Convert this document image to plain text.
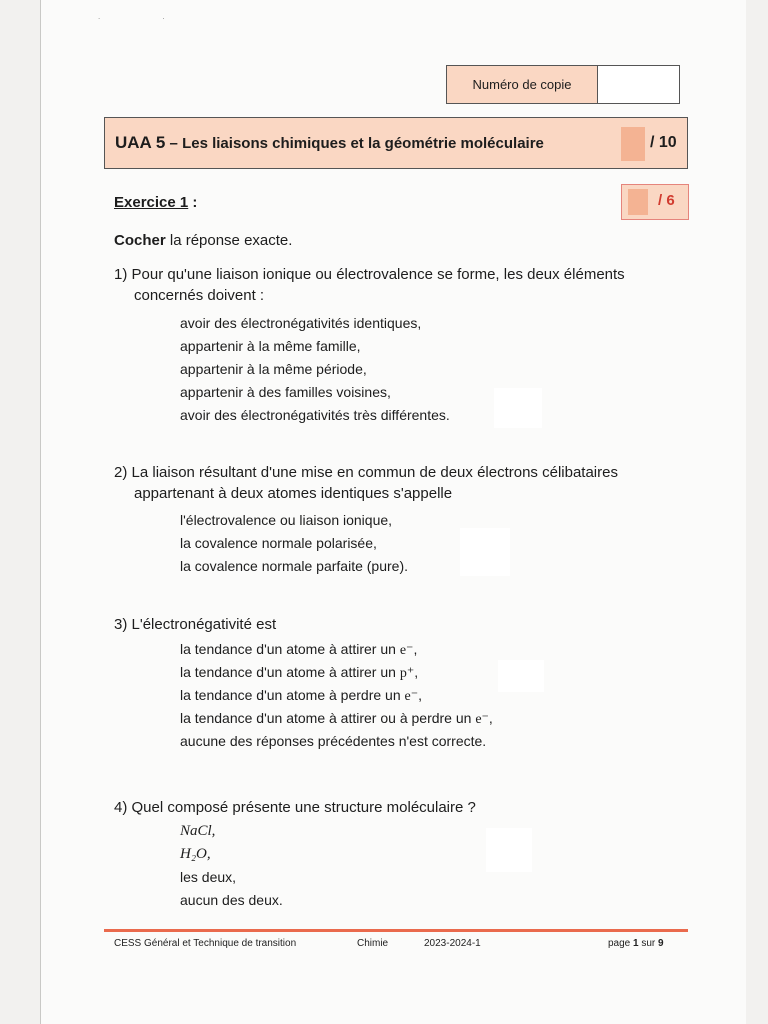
. .
Numéro de copie
UAA 5 – Les liaisons chimiques et la géométrie moléculaire	/ 10
Exercice 1 :	/ 6
Cocher la réponse exacte.
1) Pour qu'une liaison ionique ou électrovalence se forme, les deux éléments
concernés doivent :
avoir des électronégativités identiques,
appartenir à la même famille,
appartenir à la même période,
appartenir à des familles voisines,
avoir des électronégativités très différentes.
2) La liaison résultant d'une mise en commun de deux électrons célibataires
appartenant à deux atomes identiques s'appelle
l'électrovalence ou liaison ionique,
la covalence normale polarisée,
la covalence normale parfaite (pure).
3) L'électronégativité est
la tendance d'un atome à attirer un e⁻,
la tendance d'un atome à attirer un p⁺,
la tendance d'un atome à perdre un e⁻,
la tendance d'un atome à attirer ou à perdre un e⁻,
aucune des réponses précédentes n'est correcte.
4) Quel composé présente une structure moléculaire ?
NaCl,
H₂O,
les deux,
aucun des deux.
CESS Général et Technique de transition	Chimie	2023-2024-1	page 1 sur 9
